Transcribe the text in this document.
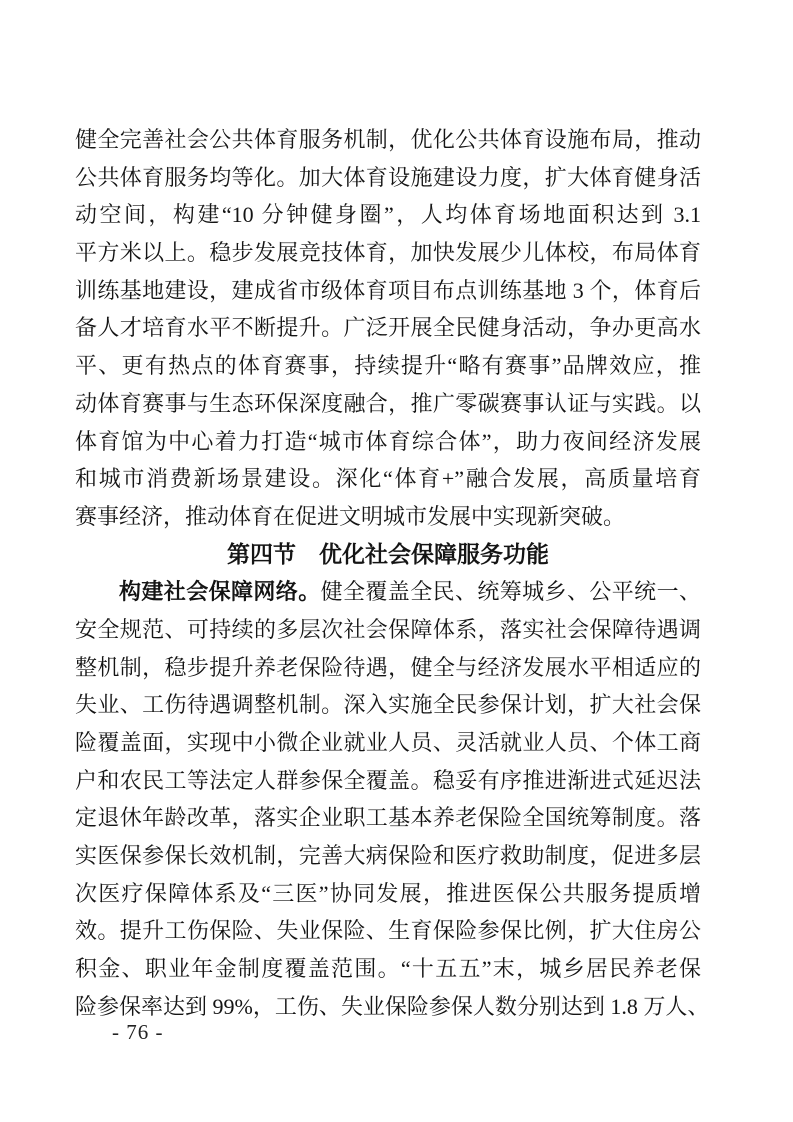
健全完善社会公共体育服务机制，优化公共体育设施布局，推动
公共体育服务均等化。加大体育设施建设力度，扩大体育健身活
动空间，构建“10 分钟健身圈”，人均体育场地面积达到 3.1
平方米以上。稳步发展竞技体育，加快发展少儿体校，布局体育
训练基地建设，建成省市级体育项目布点训练基地 3 个，体育后
备人才培育水平不断提升。广泛开展全民健身活动，争办更高水
平、更有热点的体育赛事，持续提升“略有赛事”品牌效应，推
动体育赛事与生态环保深度融合，推广零碳赛事认证与实践。以
体育馆为中心着力打造“城市体育综合体”，助力夜间经济发展
和城市消费新场景建设。深化“体育+”融合发展，高质量培育
赛事经济，推动体育在促进文明城市发展中实现新突破。
第四节　优化社会保障服务功能
构建社会保障网络。健全覆盖全民、统筹城乡、公平统一、
安全规范、可持续的多层次社会保障体系，落实社会保障待遇调
整机制，稳步提升养老保险待遇，健全与经济发展水平相适应的
失业、工伤待遇调整机制。深入实施全民参保计划，扩大社会保
险覆盖面，实现中小微企业就业人员、灵活就业人员、个体工商
户和农民工等法定人群参保全覆盖。稳妥有序推进渐进式延迟法
定退休年龄改革，落实企业职工基本养老保险全国统筹制度。落
实医保参保长效机制，完善大病保险和医疗救助制度，促进多层
次医疗保障体系及“三医”协同发展，推进医保公共服务提质增
效。提升工伤保险、失业保险、生育保险参保比例，扩大住房公
积金、职业年金制度覆盖范围。“十五五”末，城乡居民养老保
险参保率达到 99%，工伤、失业保险参保人数分别达到 1.8 万人、
- 76 -
